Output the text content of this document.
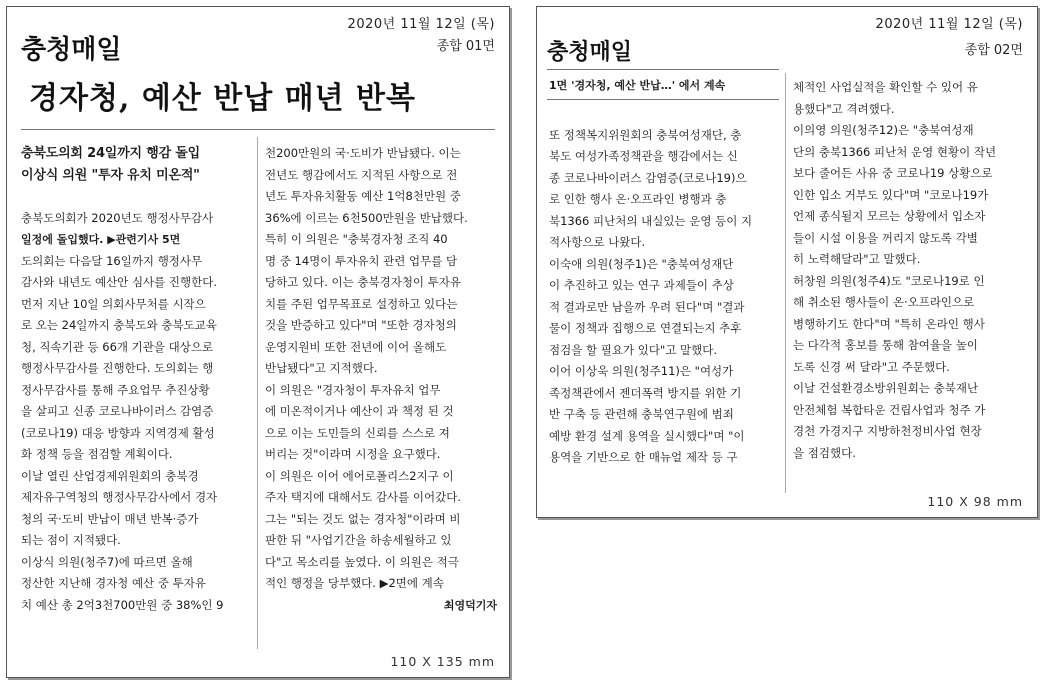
2020년 11월 12일 (목)
충청매일	종합 01면
경자청, 예산 반납 매년 반복
충북도의회 24일까지 행감 돌입
이상식 의원 "투자 유치 미온적"
충북도의회가 2020년도 행정사무감사
일정에 돌입했다. ▶관련기사 5면
도의회는 다음달 16일까지 행정사무
감사와 내년도 예산안 심사를 진행한다.
먼저 지난 10일 의회사무처를 시작으
로 오는 24일까지 충북도와 충북도교육
청, 직속기관 등 66개 기관을 대상으로
행정사무감사를 진행한다. 도의회는 행
정사무감사를 통해 주요업무 추진상황
을 살피고 신종 코로나바이러스 감염증
(코로나19) 대응 방향과 지역경제 활성
화 정책 등을 점검할 계획이다.
이날 열린 산업경제위원회의 충북경
제자유구역청의 행정사무감사에서 경자
청의 국·도비 반납이 매년 반복·증가
되는 점이 지적됐다.
이상식 의원(청주7)에 따르면 올해
정산한 지난해 경자청 예산 중 투자유
치 예산 총 2억3천700만원 중 38%인 9
천200만원의 국·도비가 반납됐다. 이는
전년도 행감에서도 지적된 사항으로 전
년도 투자유치활동 예산 1억8천만원 중
36%에 이르는 6천500만원을 반납했다.
특히 이 의원은 "충북경자청 조직 40
명 중 14명이 투자유치 관련 업무를 담
당하고 있다. 이는 충북경자청이 투자유
치를 주된 업무목표로 설정하고 있다는
것을 반증하고 있다"며 "또한 경자청의
운영지원비 또한 전년에 이어 올해도
반납됐다"고 지적했다.
이 의원은 "경자청이 투자유치 업무
에 미온적이거나 예산이 과 책정 된 것
으로 이는 도민들의 신뢰를 스스로 져
버리는 것"이라며 시정을 요구했다.
이 의원은 이어 에어로폴리스2지구 이
주자 택지에 대해서도 감사를 이어갔다.
그는 "되는 것도 없는 경자청"이라며 비
판한 뒤 "사업기간을 하송세월하고 있
다"고 목소리를 높였다. 이 의원은 적극
적인 행정을 당부했다. ▶2면에 계속
최영덕기자
110 X 135 mm
2020년 11월 12일 (목)
충청매일	종합 02면
1면 '경자청, 예산 반납…' 에서 계속
또 정책복지위원회의 충북여성재단, 충
북도 여성가족정책관을 행감에서는 신
종 코로나바이러스 감염증(코로나19)으
로 인한 행사 온·오프라인 병행과 충
북1366 피난처의 내실있는 운영 등이 지
적사항으로 나왔다.
이숙애 의원(청주1)은 "충북여성재단
이 추진하고 있는 연구 과제들이 추상
적 결과로만 남을까 우려 된다"며 "결과
물이 정책과 집행으로 연결되는지 추후
점검을 할 필요가 있다"고 말했다.
이어 이상욱 의원(청주11)은 "여성가
족정책관에서 젠더폭력 방지를 위한 기
반 구축 등 관련해 충북연구원에 범죄
예방 환경 설계 용역을 실시했다"며 "이
용역을 기반으로 한 매뉴얼 제작 등 구
체적인 사업실적을 확인할 수 있어 유
용했다"고 격려했다.
이의영 의원(청주12)은 "충북여성재
단의 충북1366 피난처 운영 현황이 작년
보다 줄어든 사유 중 코로나19 상황으로
인한 입소 거부도 있다"며 "코로나19가
언제 종식될지 모르는 상황에서 입소자
들이 시설 이용을 꺼리지 않도록 각별
히 노력해달라"고 말했다.
허창원 의원(청주4)도 "코로나19로 인
해 취소된 행사들이 온·오프라인으로
병행하기도 한다"며 "특히 온라인 행사
는 다각적 홍보를 통해 참여율을 높이
도록 신경 써 달라"고 주문했다.
이날 건설환경소방위원회는 충북재난
안전체험 복합타운 건립사업과 청주 가
경천 가경지구 지방하천정비사업 현장
을 점검했다.
110 X 98 mm
